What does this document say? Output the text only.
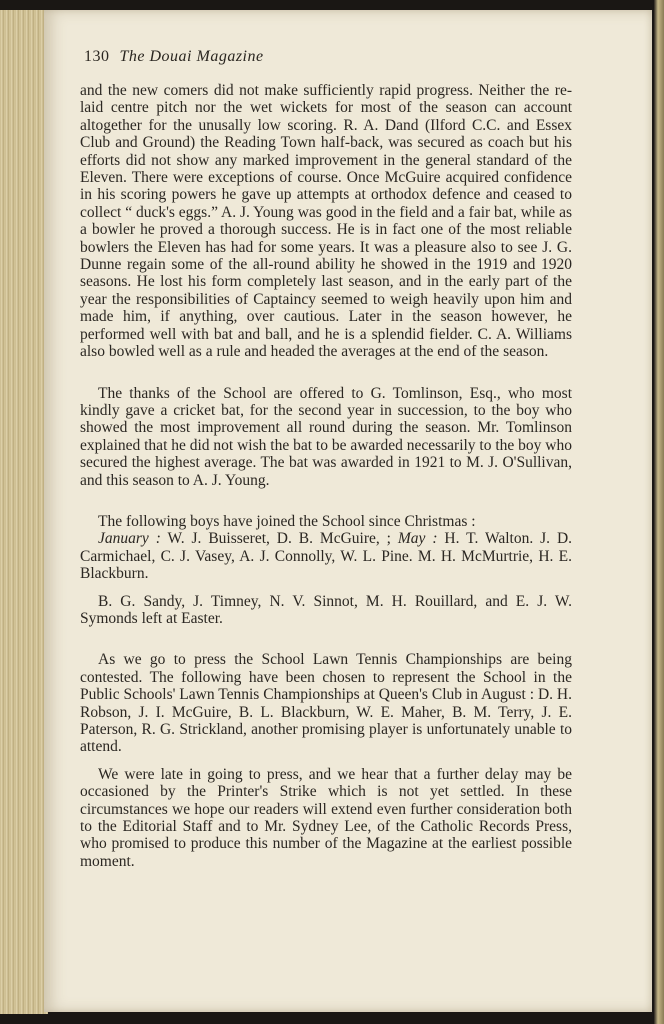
130 The Douai Magazine

and the new comers did not make sufficiently rapid progress. Neither the re-laid centre pitch nor the wet wickets for most of the season can account altogether for the unusally low scoring. R. A. Dand (Ilford C.C. and Essex Club and Ground) the Reading Town half-back, was secured as coach but his efforts did not show any marked improvement in the general standard of the Eleven. There were exceptions of course. Once McGuire acquired confidence in his scoring powers he gave up attempts at orthodox defence and ceased to collect “ duck's eggs.” A. J. Young was good in the field and a fair bat, while as a bowler he proved a thorough success. He is in fact one of the most reliable bowlers the Eleven has had for some years. It was a pleasure also to see J. G. Dunne regain some of the all-round ability he showed in the 1919 and 1920 seasons. He lost his form completely last season, and in the early part of the year the responsibilities of Captaincy seemed to weigh heavily upon him and made him, if anything, over cautious. Later in the season however, he performed well with bat and ball, and he is a splendid fielder. C. A. Williams also bowled well as a rule and headed the averages at the end of the season.

The thanks of the School are offered to G. Tomlinson, Esq., who most kindly gave a cricket bat, for the second year in succession, to the boy who showed the most improvement all round during the season. Mr. Tomlinson explained that he did not wish the bat to be awarded necessarily to the boy who secured the highest average. The bat was awarded in 1921 to M. J. O'Sullivan, and this season to A. J. Young.

The following boys have joined the School since Christmas :

January : W. J. Buisseret, D. B. McGuire, ; May : H. T. Walton. J. D. Carmichael, C. J. Vasey, A. J. Connolly, W. L. Pine. M. H. McMurtrie, H. E. Blackburn.

B. G. Sandy, J. Timney, N. V. Sinnot, M. H. Rouillard, and E. J. W. Symonds left at Easter.

As we go to press the School Lawn Tennis Championships are being contested. The following have been chosen to represent the School in the Public Schools' Lawn Tennis Championships at Queen's Club in August : D. H. Robson, J. I. McGuire, B. L. Blackburn, W. E. Maher, B. M. Terry, J. E. Paterson, R. G. Strickland, another promising player is unfortunately unable to attend.

We were late in going to press, and we hear that a further delay may be occasioned by the Printer's Strike which is not yet settled. In these circumstances we hope our readers will extend even further consideration both to the Editorial Staff and to Mr. Sydney Lee, of the Catholic Records Press, who promised to produce this number of the Magazine at the earliest possible moment.
